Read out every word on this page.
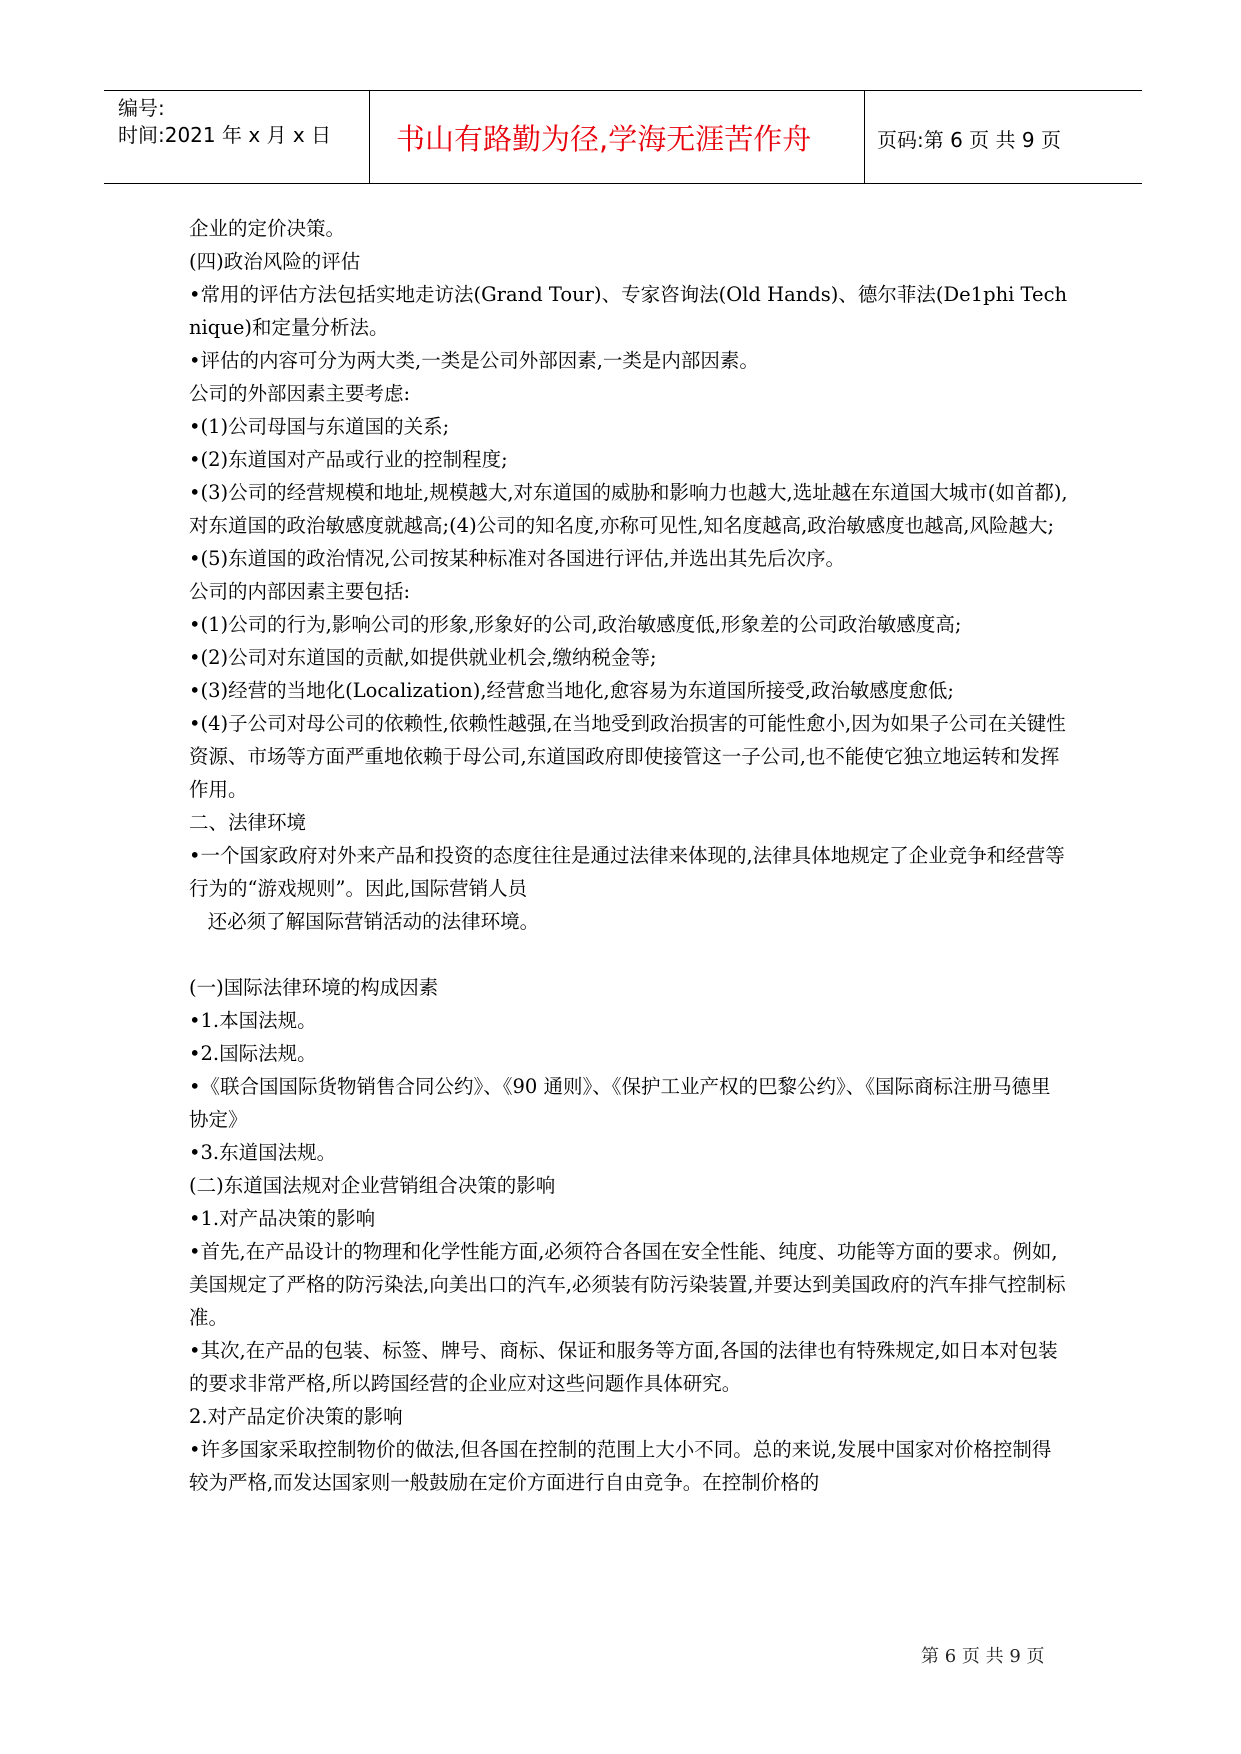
编号:
时间:2021 年 x 月 x 日 书山有路勤为径,学海无涯苦作舟	页码:第 6 页 共 9 页

企业的定价决策。

(四)政治风险的评估

•常用的评估方法包括实地走访法(Grand Tour)、专家咨询法(Old Hands)、德尔菲法(De1phi Technique)和定量分析法。

•评估的内容可分为两大类,一类是公司外部因素,一类是内部因素。

公司的外部因素主要考虑:

•(1)公司母国与东道国的关系;

•(2)东道国对产品或行业的控制程度;

•(3)公司的经营规模和地址,规模越大,对东道国的威胁和影响力也越大,选址越在东道国大城市(如首都),对东道国的政治敏感度就越高;(4)公司的知名度,亦称可见性,知名度越高,政治敏感度也越高,风险越大;

•(5)东道国的政治情况,公司按某种标准对各国进行评估,并选出其先后次序。

公司的内部因素主要包括:

•(1)公司的行为,影响公司的形象,形象好的公司,政治敏感度低,形象差的公司政治敏感度高;

•(2)公司对东道国的贡献,如提供就业机会,缴纳税金等;

•(3)经营的当地化(Localization),经营愈当地化,愈容易为东道国所接受,政治敏感度愈低;

•(4)子公司对母公司的依赖性,依赖性越强,在当地受到政治损害的可能性愈小,因为如果子公司在关键性资源、市场等方面严重地依赖于母公司,东道国政府即使接管这一子公司,也不能使它独立地运转和发挥作用。

二、法律环境

•一个国家政府对外来产品和投资的态度往往是通过法律来体现的,法律具体地规定了企业竞争和经营等行为的“游戏规则”。因此,国际营销人员

还必须了解国际营销活动的法律环境。

(一)国际法律环境的构成因素

•1.本国法规。

•2.国际法规。

•《联合国国际货物销售合同公约》、《90 通则》、《保护工业产权的巴黎公约》、《国际商标注册马德里协定》

•3.东道国法规。

(二)东道国法规对企业营销组合决策的影响

•1.对产品决策的影响

•首先,在产品设计的物理和化学性能方面,必须符合各国在安全性能、纯度、功能等方面的要求。例如,美国规定了严格的防污染法,向美出口的汽车,必须装有防污染装置,并要达到美国政府的汽车排气控制标准。

•其次,在产品的包装、标签、牌号、商标、保证和服务等方面,各国的法律也有特殊规定,如日本对包装的要求非常严格,所以跨国经营的企业应对这些问题作具体研究。

2.对产品定价决策的影响

•许多国家采取控制物价的做法,但各国在控制的范围上大小不同。总的来说,发展中国家对价格控制得较为严格,而发达国家则一般鼓励在定价方面进行自由竞争。在控制价格的

第 6 页 共 9 页
